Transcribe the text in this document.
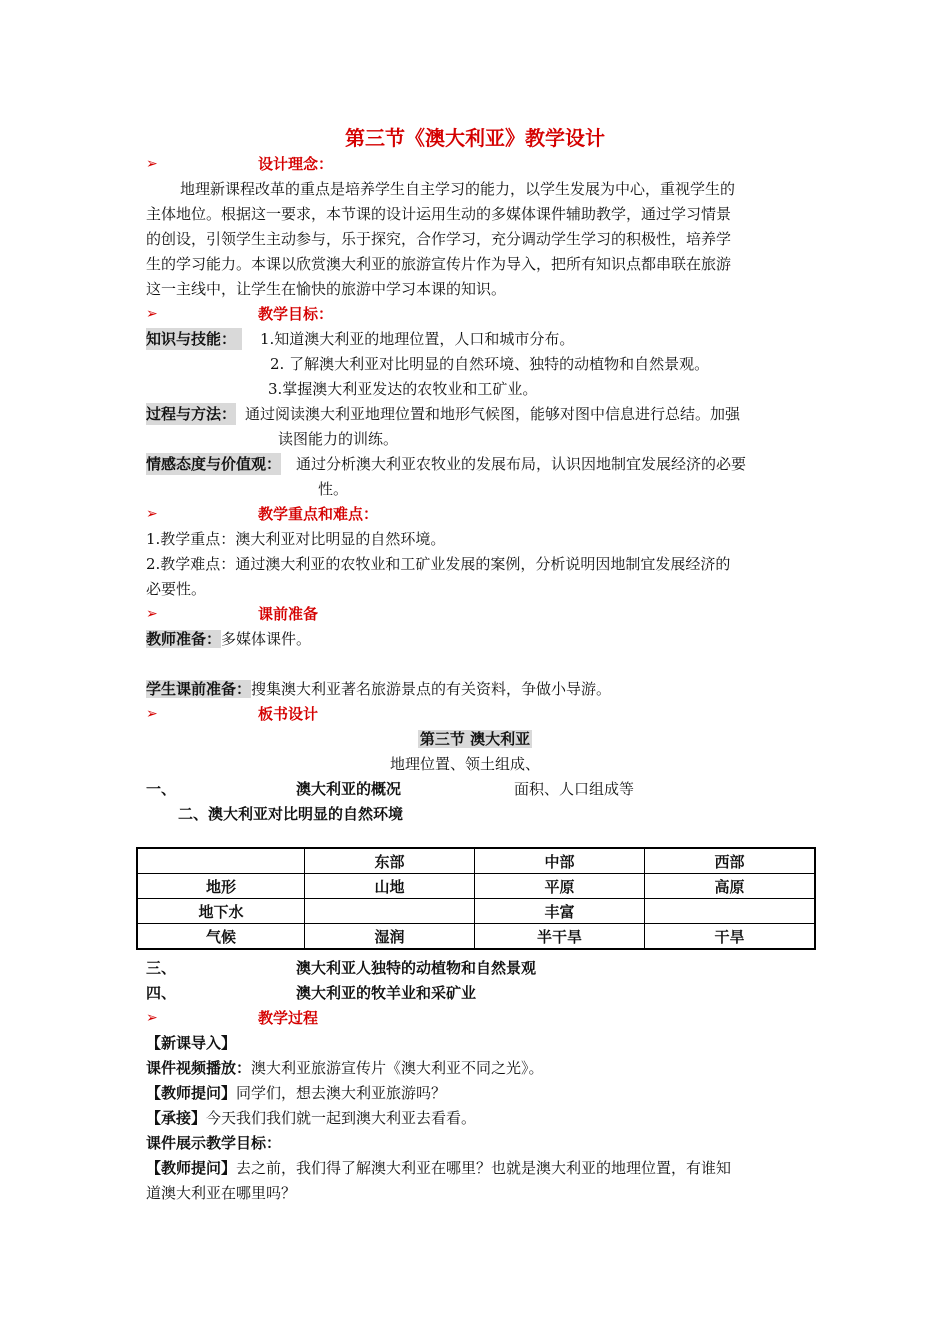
第三节《澳大利亚》教学设计
➢	设计理念：
地理新课程改革的重点是培养学生自主学习的能力，以学生发展为中心，重视学生的
主体地位。根据这一要求，本节课的设计运用生动的多媒体课件辅助教学，通过学习情景
的创设，引领学生主动参与，乐于探究，合作学习，充分调动学生学习的积极性，培养学
生的学习能力。本课以欣赏澳大利亚的旅游宣传片作为导入，把所有知识点都串联在旅游
这一主线中，让学生在愉快的旅游中学习本课的知识。
➢	教学目标：
知识与技能：	1.知道澳大利亚的地理位置，人口和城市分布。
2. 了解澳大利亚对比明显的自然环境、独特的动植物和自然景观。
3.掌握澳大利亚发达的农牧业和工矿业。
过程与方法： 通过阅读澳大利亚地理位置和地形气候图，能够对图中信息进行总结。加强
读图能力的训练。
情感态度与价值观： 通过分析澳大利亚农牧业的发展布局，认识因地制宜发展经济的必要
性。
➢	教学重点和难点：
1.教学重点：澳大利亚对比明显的自然环境。
2.教学难点：通过澳大利亚的农牧业和工矿业发展的案例，分析说明因地制宜发展经济的
必要性。
➢	课前准备
教师准备：多媒体课件。
学生课前准备：搜集澳大利亚著名旅游景点的有关资料，争做小导游。
➢	板书设计
第三节 澳大利亚
地理位置、领土组成、
一、	澳大利亚的概况	面积、人口组成等
二、澳大利亚对比明显的自然环境
	东部	中部	西部
地形	山地	平原	高原
地下水		丰富	
气候	湿润	半干旱	干旱
三、	澳大利亚人独特的动植物和自然景观
四、	澳大利亚的牧羊业和采矿业
➢	教学过程
【新课导入】
课件视频播放：澳大利亚旅游宣传片《澳大利亚不同之光》。
【教师提问】同学们，想去澳大利亚旅游吗？
【承接】今天我们我们就一起到澳大利亚去看看。
课件展示教学目标：
【教师提问】去之前，我们得了解澳大利亚在哪里？也就是澳大利亚的地理位置，有谁知
道澳大利亚在哪里吗？
